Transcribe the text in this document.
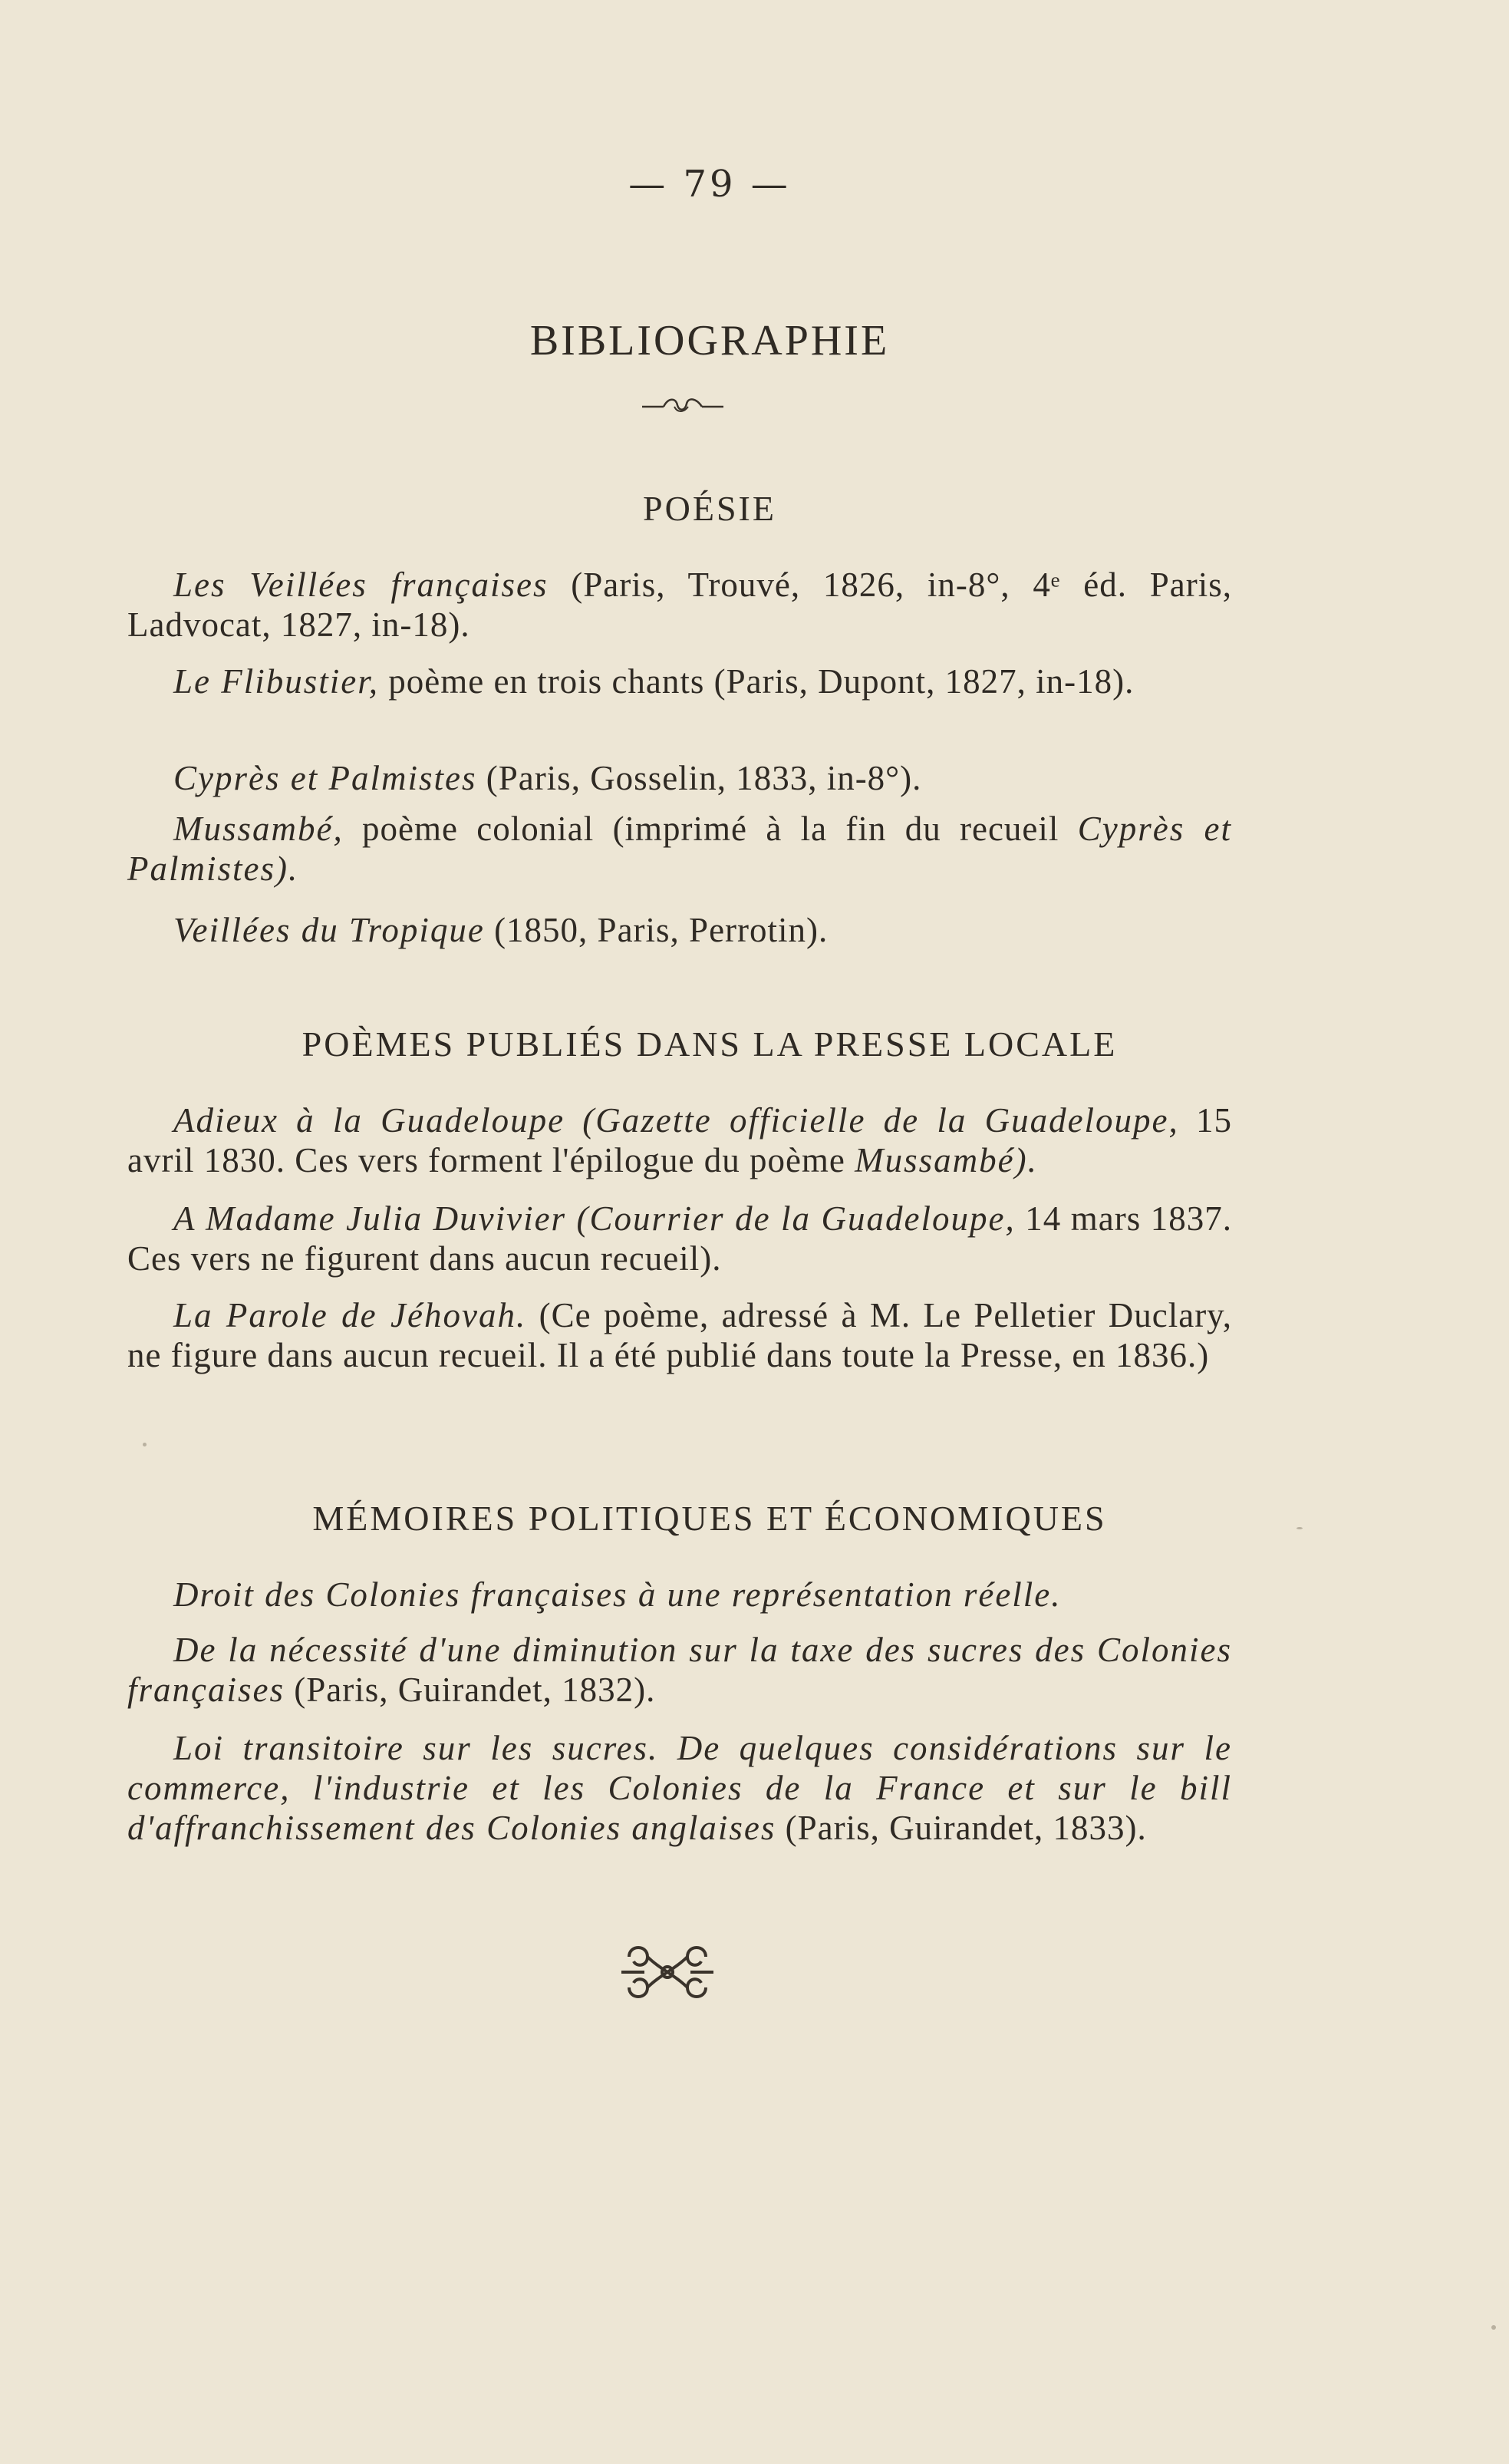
— 79 —
BIBLIOGRAPHIE
POÉSIE
Les Veillées françaises (Paris, Trouvé, 1826, in-8°, 4ᵉ éd. Paris, Ladvocat, 1827, in-18).
Le Flibustier, poème en trois chants (Paris, Dupont, 1827, in-18).
Cyprès et Palmistes (Paris, Gosselin, 1833, in-8°).
Mussambé, poème colonial (imprimé à la fin du recueil Cyprès et Palmistes).
Veillées du Tropique (1850, Paris, Perrotin).
POÈMES PUBLIÉS DANS LA PRESSE LOCALE
Adieux à la Guadeloupe (Gazette officielle de la Guadeloupe, 15 avril 1830. Ces vers forment l'épilogue du poème Mussambé).
A Madame Julia Duvivier (Courrier de la Guadeloupe, 14 mars 1837. Ces vers ne figurent dans aucun recueil).
La Parole de Jéhovah. (Ce poème, adressé à M. Le Pelletier Duclary, ne figure dans aucun recueil. Il a été publié dans toute la Presse, en 1836.)
MÉMOIRES POLITIQUES ET ÉCONOMIQUES
Droit des Colonies françaises à une représentation réelle.
De la nécessité d'une diminution sur la taxe des sucres des Colonies françaises (Paris, Guirandet, 1832).
Loi transitoire sur les sucres. De quelques considérations sur le commerce, l'industrie et les Colonies de la France et sur le bill d'affranchissement des Colonies anglaises (Paris, Guirandet, 1833).
